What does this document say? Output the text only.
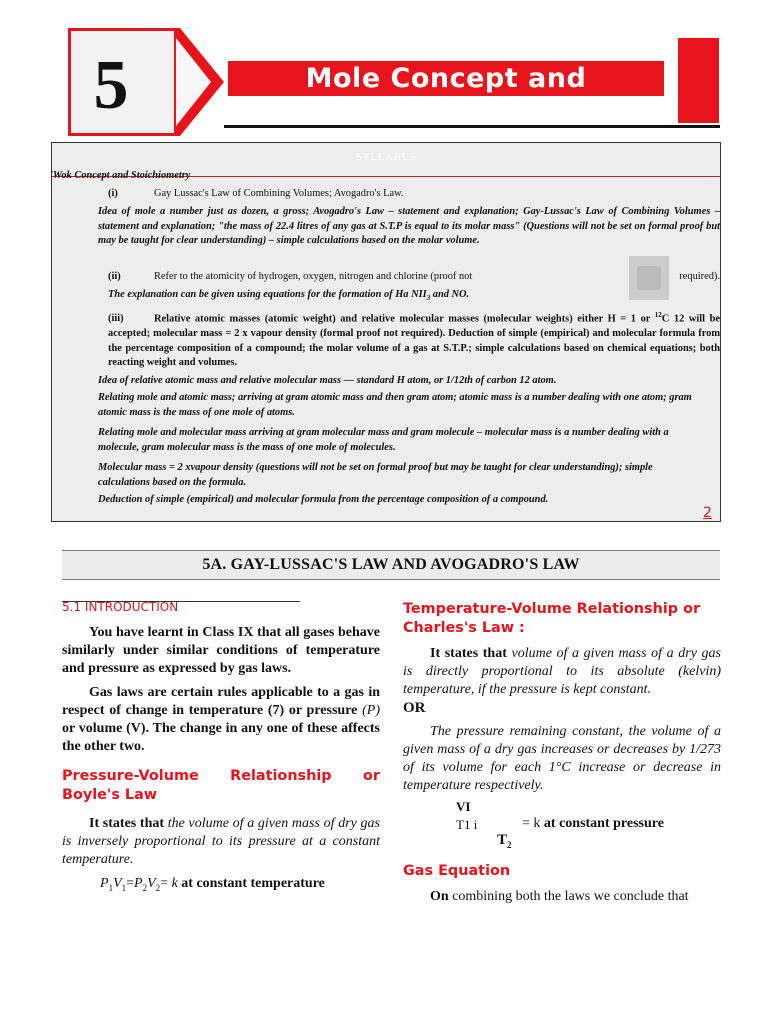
5	Mole Concept and
SYLLABUS
'Wok Concept and Stoichiometry
(i)	Gay Lussac's Law of Combining Volumes; Avogadro's Law.
Idea of mole a number just as dozen, a gross; Avogadro's Law – statement and explanation; Gay-Lussac's Law of Combining Volumes – statement and explanation; "the mass of 22.4 litres of any gas at S.T.P is equal to its molar mass" (Questions will not be set on formal proof but may be taught for clear understanding) – simple calculations based on the molar volume.
(ii)	Refer to the atomicity of hydrogen, oxygen, nitrogen and chlorine (proof not	required).
The explanation can be given using equations for the formation of Ha $NII_3$ and NO.
(iii)	Relative atomic masses (atomic weight) and relative molecular masses (molecular weights) either H = 1 or $^{12}$C 12 will be accepted; molecular mass = 2 x vapour density (formal proof not required). Deduction of simple (empirical) and molecular formula from the percentage composition of a compound; the molar volume of a gas at S.T.P.; simple calculations based on chemical equations; both reacting weight and volumes.
Idea of relative atomic mass and relative molecular mass — standard H atom, or 1/12th of carbon 12 atom.
Relating mole and atomic mass; arriving at gram atomic mass and then gram atom; atomic mass is a number dealing with one atom; gram atomic mass is the mass of one mole of atoms.
Relating mole and molecular mass arriving at gram molecular mass and gram molecule – molecular mass is a number dealing with a molecule, gram molecular mass is the mass of one mole of molecules.
Molecular mass = 2 xvapour density (questions will not be set on formal proof but may be taught for clear understanding); simple calculations based on the formula.
Deduction of simple (empirical) and molecular formula from the percentage composition of a compound.
2
5A. GAY-LUSSAC'S LAW AND AVOGADRO'S LAW
5.1 INTRODUCTION
You have learnt in Class IX that all gases behave similarly under similar conditions of temperature and pressure as expressed by gas laws.
Gas laws are certain rules applicable to a gas in respect of change in temperature (7) or pressure (P) or volume (V). The change in any one of these affects the other two.
Pressure-Volume Relationship or Boyle's Law
It states that the volume of a given mass of dry gas is inversely proportional to its pressure at a constant temperature.
$P_1V_1=P_2V_2= k$ at constant temperature
Temperature-Volume Relationship or Charles's Law :
It states that volume of a given mass of a dry gas is directly proportional to its absolute (kelvin) temperature, if the pressure is kept constant.
OR
The pressure remaining constant, the volume of a given mass of a dry gas increases or decreases by 1/273 of its volume for each 1°C increase or decrease in temperature respectively.
VI
T1 i	= k at constant pressure
$T_2$
Gas Equation
On combining both the laws we conclude that
